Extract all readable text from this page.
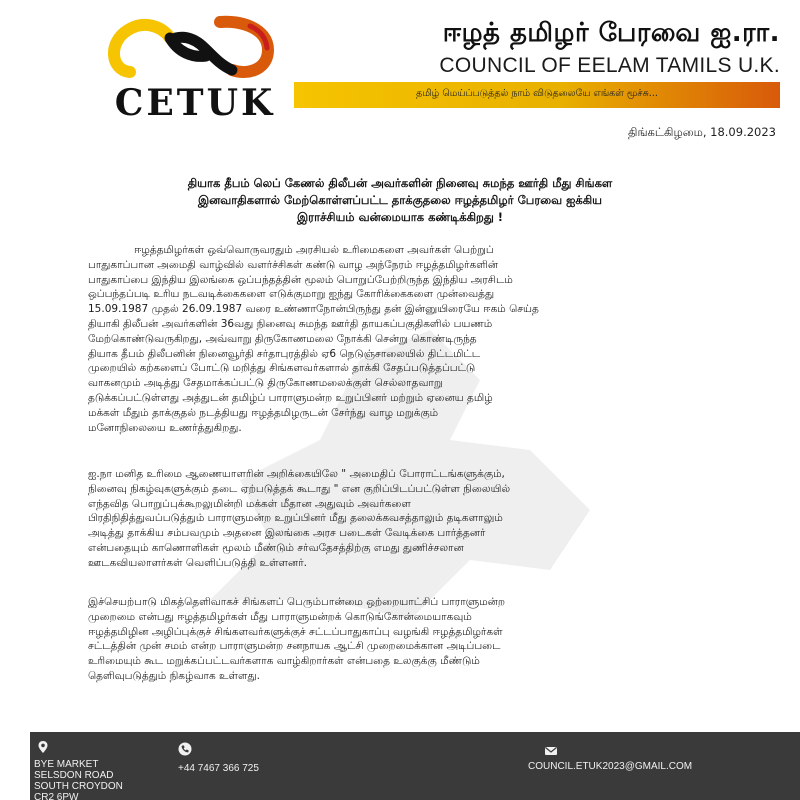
CETUK
ஈழத் தமிழர் பேரவை ஐ.ரா.
COUNCIL OF EELAM TAMILS U.K.
தமிழ் மெய்ப்படுத்தல் நாம் விடுதலையே எங்கள் மூச்சு...
திங்கட்கிழமை, 18.09.2023
தியாக தீபம் லெப் கேணல் திலீபன் அவர்களின் நினைவு சுமந்த ஊர்தி மீது சிங்கள
இனவாதிகளால் மேற்கொள்ளப்பட்ட தாக்குதலை ஈழத்தமிழர் பேரவை ஐக்கிய
இராச்சியம் வன்மையாக கண்டிக்கிறது !
ஈழத்தமிழர்கள் ஒவ்வொருவரதும் அரசியல் உரிமைகளை அவர்கள் பெற்றுப்
பாதுகாப்பான அமைதி வாழ்வில் வளர்ச்சிகள் கண்டு வாழ அந்நேரம் ஈழத்தமிழர்களின்
பாதுகாப்பை இந்திய இலங்கை ஒப்பந்தத்தின் மூலம் பொறுப்பேற்றிருந்த இந்திய அரசிடம்
ஒப்பந்தப்படி உரிய நடவடிக்கைகளை எடுக்குமாறு ஐந்து கோரிக்கைகளை முன்வைத்து
15.09.1987 முதல் 26.09.1987 வரை உண்ணாநோன்பிருந்து தன் இன்னுயிரையே ஈகம் செய்த
தியாகி திலீபன் அவர்களின் 36வது நினைவு சுமந்த ஊர்தி தாயகப்பகுதிகளில் பயணம்
மேற்கொண்டுவருகிறது, அவ்வாறு திருகோணமலை நோக்கி சென்று கொண்டிருந்த
தியாக தீபம் திலீபனின் நினைவூர்தி சர்தாபுரத்தில் ஏ6 நெடுஞ்சாலையில் திட்டமிட்ட
முறையில் கற்களைப் போட்டு மறித்து சிங்களவர்களால் தாக்கி சேதப்படுத்தப்பட்டு
வாகனமும் அடித்து சேதமாக்கப்பட்டு திருகோணமலைக்குள் செல்லாதவாறு
தடுக்கப்பட்டுள்ளது அத்துடன் தமிழ்ப் பாராளுமன்ற உறுப்பினர் மற்றும் ஏனைய தமிழ்
மக்கள் மீதும் தாக்குதல் நடத்தியது ஈழத்தமிழருடன் சேர்ந்து வாழ மறுக்கும்
மனோநிலையை உணர்த்துகிறது.
ஐ.நா மனித உரிமை ஆணையாளரின் அறிக்கையிலே " அமைதிப் போராட்டங்களுக்கும்,
நினைவு நிகழ்வுகளுக்கும் தடை ஏற்படுத்தக் கூடாது " என குறிப்பிடப்பட்டுள்ள நிலையில்
எந்தவித பொறுப்புக்கூறலுமின்றி மக்கள் மீதான அதுவும் அவர்களை
பிரதிநிதித்துவப்படுத்தும் பாராளுமன்ற உறுப்பினர் மீது தலைக்கவசத்தாலும் தடிகளாலும்
அடித்து தாக்கிய சம்பவமும் அதனை இலங்கை அரச படைகள் வேடிக்கை பார்த்தனர்
என்பதையும் காணொளிகள் மூலம் மீண்டும் சர்வதேசத்திற்கு எமது துணிச்சலான
ஊடகவியலாளர்கள் வெளிப்படுத்தி உள்ளனர்.
இச்செயற்பாடு மிகத்தெளிவாகச் சிங்களப் பெரும்பான்மை ஒற்றையாட்சிப் பாராளுமன்ற
முறைமை என்பது ஈழத்தமிழர்கள் மீது பாராளுமன்றக் கொடுங்கோன்மையாகவும்
ஈழத்தமிழின அழிப்புக்குச் சிங்களவர்களுக்குச் சட்டப்பாதுகாப்பு வழங்கி ஈழத்தமிழர்கள்
சட்டத்தின் முன் சமம் என்ற பாராளுமன்ற சனநாயக ஆட்சி முறைமைக்கான அடிப்படை
உரிமையும் கூட மறுக்கப்பட்டவர்களாக வாழ்கிறார்கள் என்பதை உலகுக்கு மீண்டும்
தெளிவுபடுத்தும் நிகழ்வாக உள்ளது.
BYE MARKET
SELSDON ROAD
SOUTH CROYDON
CR2 6PW
+44 7467 366 725	COUNCIL.ETUK2023@GMAIL.COM
